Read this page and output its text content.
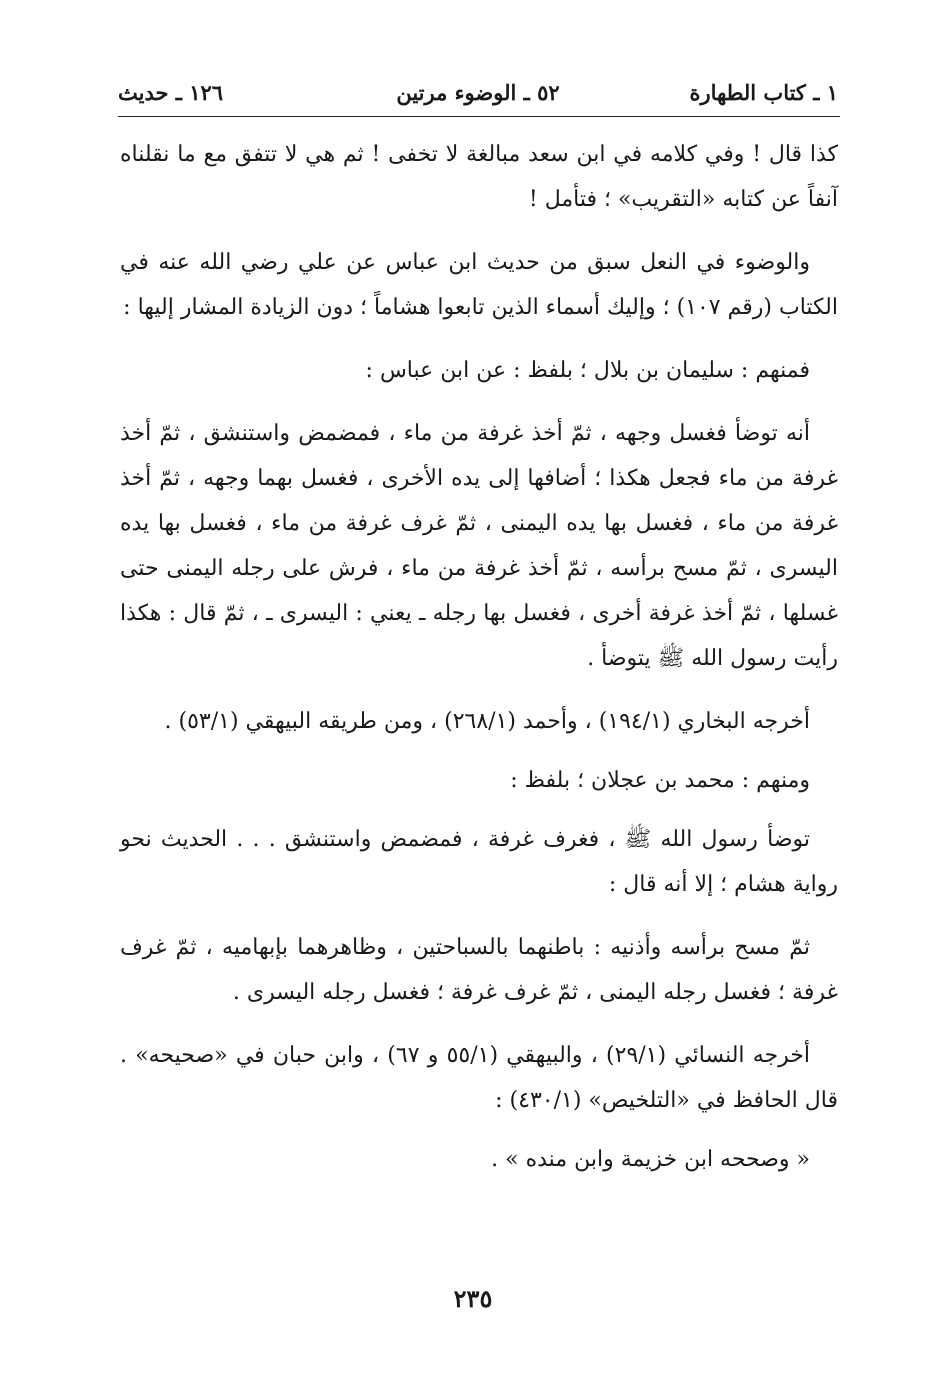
١ ـ كتاب الطهارة
٥٢ ـ الوضوء مرتين
١٢٦ ـ حديث

كذا قال ! وفي كلامه في ابن سعد مبالغة لا تخفى ! ثم هي لا تتفق مع ما نقلناه آنفاً عن كتابه «التقريب» ؛ فتأمل !

والوضوء في النعل سبق من حديث ابن عباس عن علي رضي الله عنه في الكتاب (رقم ١٠٧) ؛ وإليك أسماء الذين تابعوا هشاماً ؛ دون الزيادة المشار إليها :

فمنهم : سليمان بن بلال ؛ بلفظ : عن ابن عباس :

أنه توضأ فغسل وجهه ، ثمّ أخذ غرفة من ماء ، فمضمض واستنشق ، ثمّ أخذ غرفة من ماء فجعل هكذا ؛ أضافها إلى يده الأخرى ، فغسل بهما وجهه ، ثمّ أخذ غرفة من ماء ، فغسل بها يده اليمنى ، ثمّ غرف غرفة من ماء ، فغسل بها يده اليسرى ، ثمّ مسح برأسه ، ثمّ أخذ غرفة من ماء ، فرش على رجله اليمنى حتى غسلها ، ثمّ أخذ غرفة أخرى ، فغسل بها رجله ـ يعني : اليسرى ـ ، ثمّ قال : هكذا رأيت رسول الله ﷺ يتوضأ .

أخرجه البخاري (١٩٤/١) ، وأحمد (٢٦٨/١) ، ومن طريقه البيهقي (٥٣/١) .

ومنهم : محمد بن عجلان ؛ بلفظ :

توضأ رسول الله ﷺ ، فغرف غرفة ، فمضمض واستنشق . . . الحديث نحو رواية هشام ؛ إلا أنه قال :

ثمّ مسح برأسه وأذنيه : باطنهما بالسباحتين ، وظاهرهما بإبهاميه ، ثمّ غرف غرفة ؛ فغسل رجله اليمنى ، ثمّ غرف غرفة ؛ فغسل رجله اليسرى .

أخرجه النسائي (٢٩/١) ، والبيهقي (٥٥/١ و ٦٧) ، وابن حبان في «صحيحه» . قال الحافظ في «التلخيص» (٤٣٠/١) :

« وصححه ابن خزيمة وابن منده » .

٢٣٥
